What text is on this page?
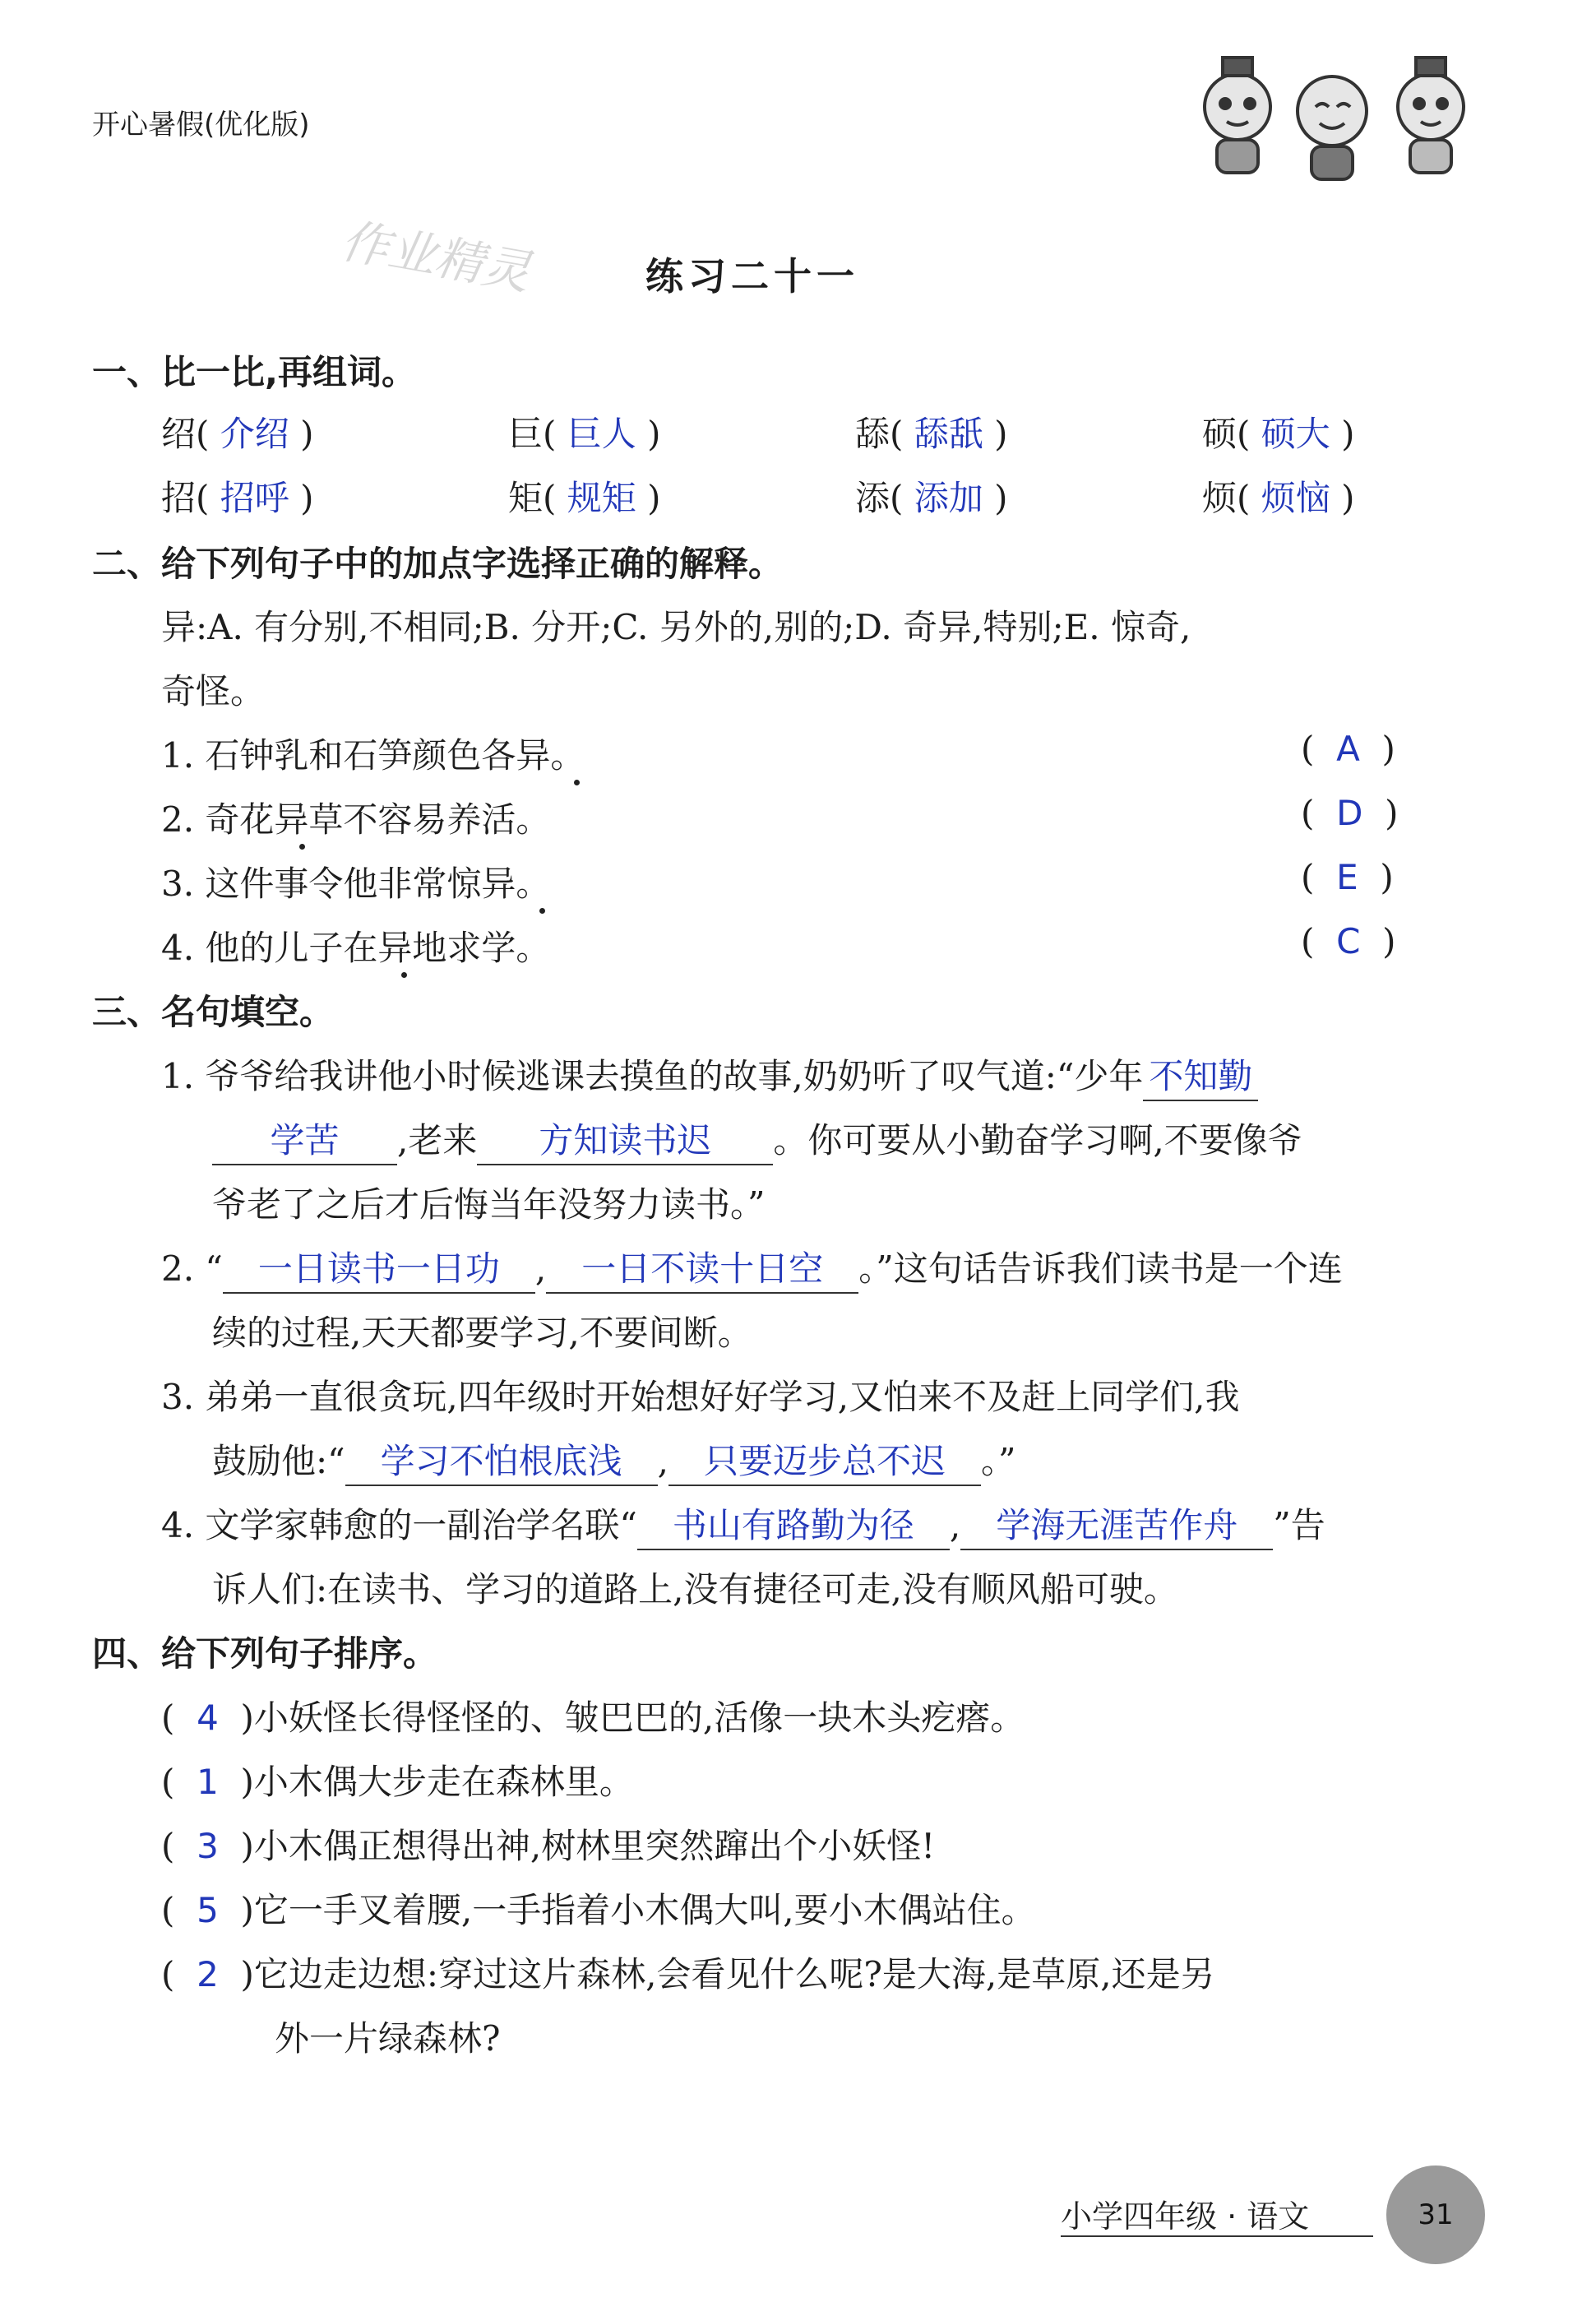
开心暑假(优化版)
作业精灵	练习二十一
一、比一比,再组词。
绍( 介绍 )	巨( 巨人 )	舔( 舔舐 )	硕( 硕大 )
招( 招呼 )	矩( 规矩 )	添( 添加 )	烦( 烦恼 )
二、给下列句子中的加点字选择正确的解释。
异:A. 有分别,不相同;B. 分开;C. 另外的,别的;D. 奇异,特别;E. 惊奇,
奇怪。
1. 石钟乳和石笋颜色各异。	(  A  )
2. 奇花异草不容易养活。	(  D  )
3. 这件事令他非常惊异。	(  E  )
4. 他的儿子在异地求学。	(  C  )
三、名句填空。
1. 爷爷给我讲他小时候逃课去摸鱼的故事,奶奶听了叹气道:“少年 不知勤
学苦 ,老来 方知读书迟 。你可要从小勤奋学习啊,不要像爷
爷老了之后才后悔当年没努力读书。”
2. “ 一日读书一日功 , 一日不读十日空 。”这句话告诉我们读书是一个连
续的过程,天天都要学习,不要间断。
3. 弟弟一直很贪玩,四年级时开始想好好学习,又怕来不及赶上同学们,我
鼓励他:“ 学习不怕根底浅 , 只要迈步总不迟 。”
4. 文学家韩愈的一副治学名联“ 书山有路勤为径 , 学海无涯苦作舟 ”告
诉人们:在读书、学习的道路上,没有捷径可走,没有顺风船可驶。
四、给下列句子排序。
(  4 )小妖怪长得怪怪的、皱巴巴的,活像一块木头疙瘩。
(  1 )小木偶大步走在森林里。
(  3 )小木偶正想得出神,树林里突然蹿出个小妖怪!
(  5 )它一手叉着腰,一手指着小木偶大叫,要小木偶站住。
(  2 )它边走边想:穿过这片森林,会看见什么呢?是大海,是草原,还是另
外一片绿森林?
小学四年级 · 语文	31
